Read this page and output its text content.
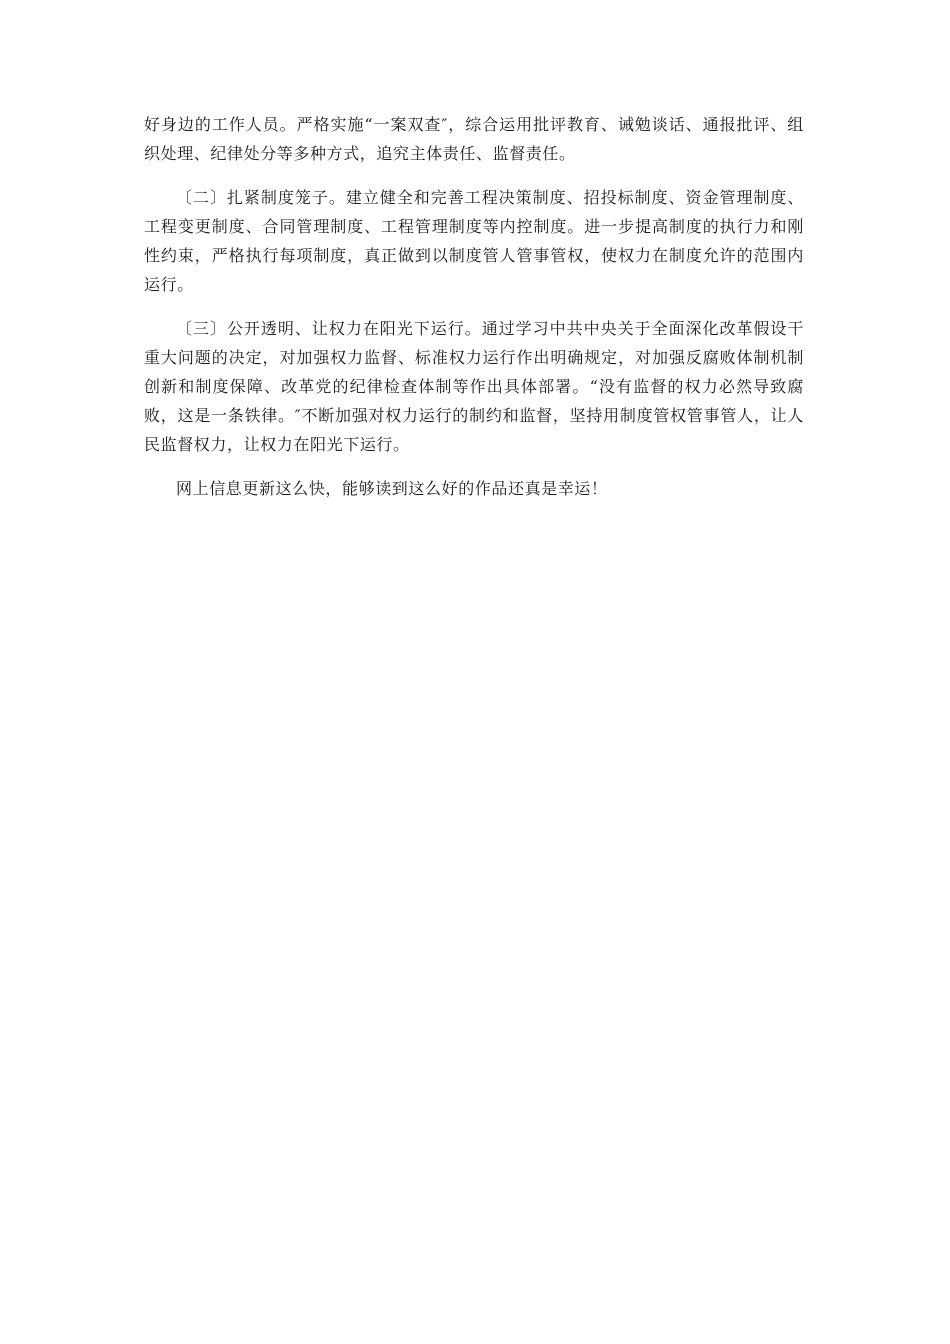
好身边的工作人员。严格实施“一案双查″，综合运用批评教育、诫勉谈话、通报批评、组织处理、纪律处分等多种方式，追究主体责任、监督责任。

〔二〕扎紧制度笼子。建立健全和完善工程决策制度、招投标制度、资金管理制度、工程变更制度、合同管理制度、工程管理制度等内控制度。进一步提高制度的执行力和刚性约束，严格执行每项制度，真正做到以制度管人管事管权，使权力在制度允许的范围内运行。

〔三〕公开透明、让权力在阳光下运行。通过学习中共中央关于全面深化改革假设干重大问题的决定，对加强权力监督、标准权力运行作出明确规定，对加强反腐败体制机制创新和制度保障、改革党的纪律检查体制等作出具体部署。“没有监督的权力必然导致腐败，这是一条铁律。″不断加强对权力运行的制约和监督，坚持用制度管权管事管人，让人民监督权力，让权力在阳光下运行。

网上信息更新这么快，能够读到这么好的作品还真是幸运！
